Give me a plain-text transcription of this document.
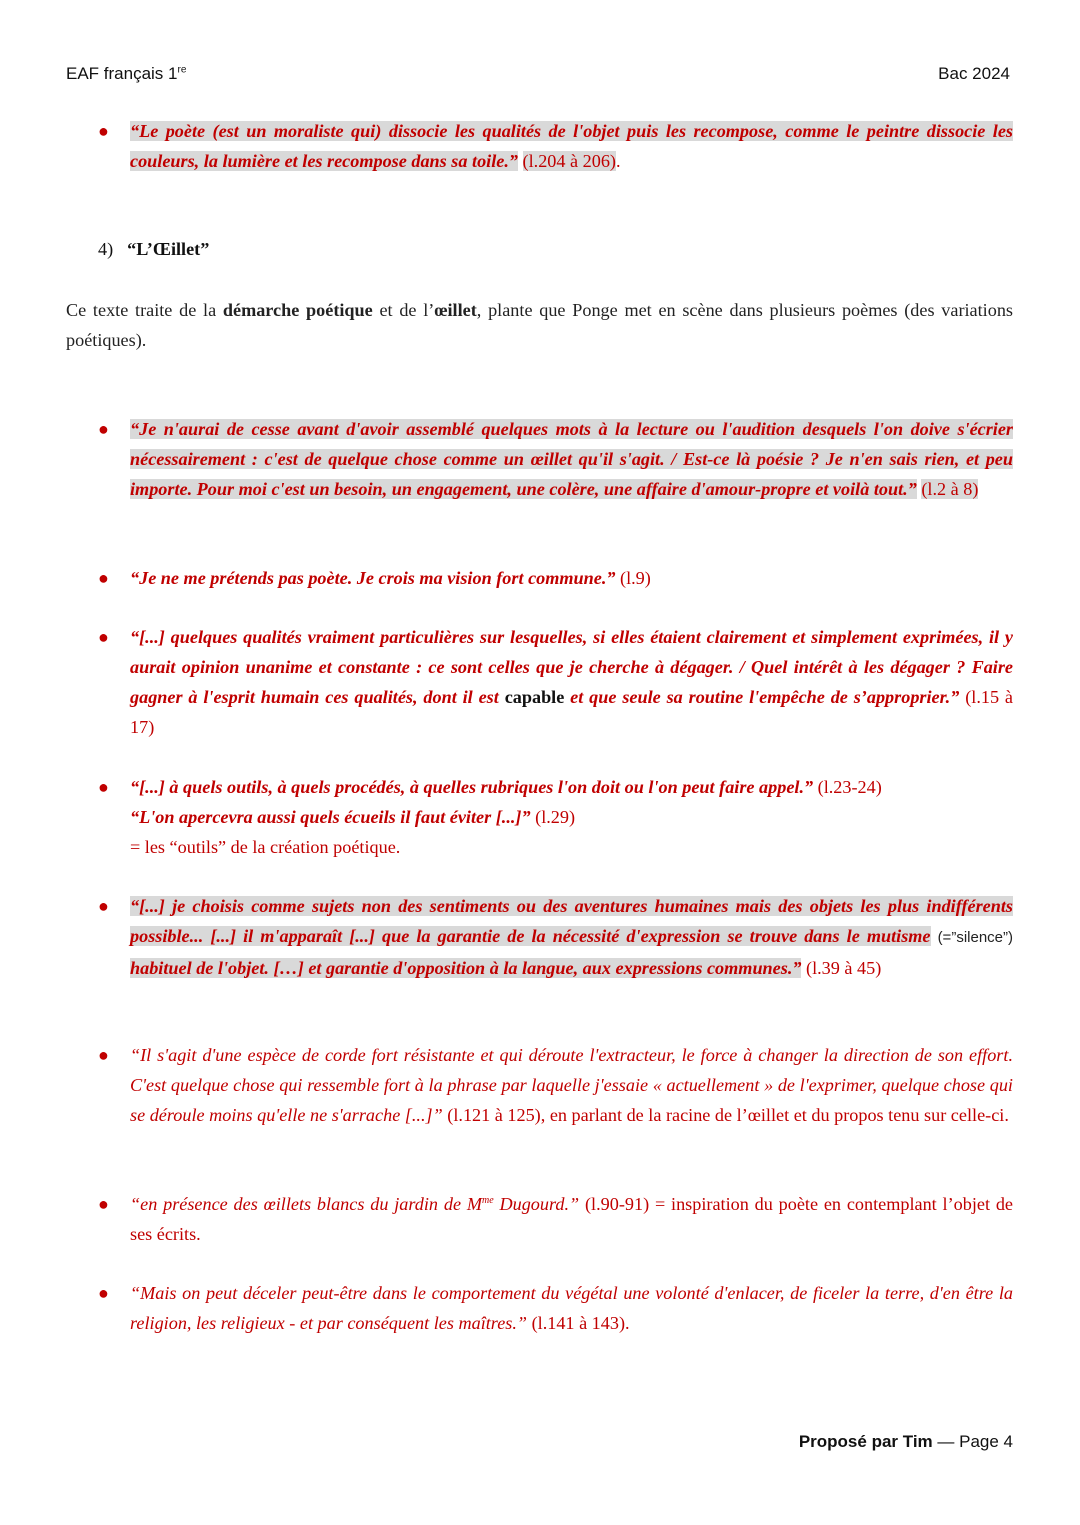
EAF français 1re	Bac 2024
● “Le poète (est un moraliste qui) dissocie les qualités de l'objet puis les recompose, comme le peintre dissocie les couleurs, la lumière et les recompose dans sa toile.” (l.204 à 206).
4) “L’Œillet”
Ce texte traite de la démarche poétique et de l’œillet, plante que Ponge met en scène dans plusieurs poèmes (des variations poétiques).
● “Je n'aurai de cesse avant d'avoir assemblé quelques mots à la lecture ou l'audition desquels l'on doive s'écrier nécessairement : c'est de quelque chose comme un œillet qu'il s'agit. / Est-ce là poésie ? Je n'en sais rien, et peu importe. Pour moi c'est un besoin, un engagement, une colère, une affaire d'amour-propre et voilà tout.” (l.2 à 8)
● “Je ne me prétends pas poète. Je crois ma vision fort commune.” (l.9)
● “[...] quelques qualités vraiment particulières sur lesquelles, si elles étaient clairement et simplement exprimées, il y aurait opinion unanime et constante : ce sont celles que je cherche à dégager. / Quel intérêt à les dégager ? Faire gagner à l'esprit humain ces qualités, dont il est capable et que seule sa routine l'empêche de s’approprier.” (l.15 à 17)
● “[...] à quels outils, à quels procédés, à quelles rubriques l'on doit ou l'on peut faire appel.” (l.23-24)
“L'on apercevra aussi quels écueils il faut éviter [...]” (l.29)
= les “outils” de la création poétique.
● “[...] je choisis comme sujets non des sentiments ou des aventures humaines mais des objets les plus indifférents possible... [...] il m'apparaît [...] que la garantie de la nécessité d'expression se trouve dans le mutisme (=”silence”) habituel de l'objet. […] et garantie d'opposition à la langue, aux expressions communes.” (l.39 à 45)
● “Il s'agit d'une espèce de corde fort résistante et qui déroute l'extracteur, le force à changer la direction de son effort. C'est quelque chose qui ressemble fort à la phrase par laquelle j'essaie « actuellement » de l'exprimer, quelque chose qui se déroule moins qu'elle ne s'arrache [...]” (l.121 à 125), en parlant de la racine de l’œillet et du propos tenu sur celle-ci.
● “en présence des œillets blancs du jardin de $M^{me}$ Dugourd.” (l.90-91) = inspiration du poète en contemplant l’objet de ses écrits.
● “Mais on peut déceler peut-être dans le comportement du végétal une volonté d'enlacer, de ficeler la terre, d'en être la religion, les religieux - et par conséquent les maîtres.” (l.141 à 143).
Proposé par Tim — Page 4
